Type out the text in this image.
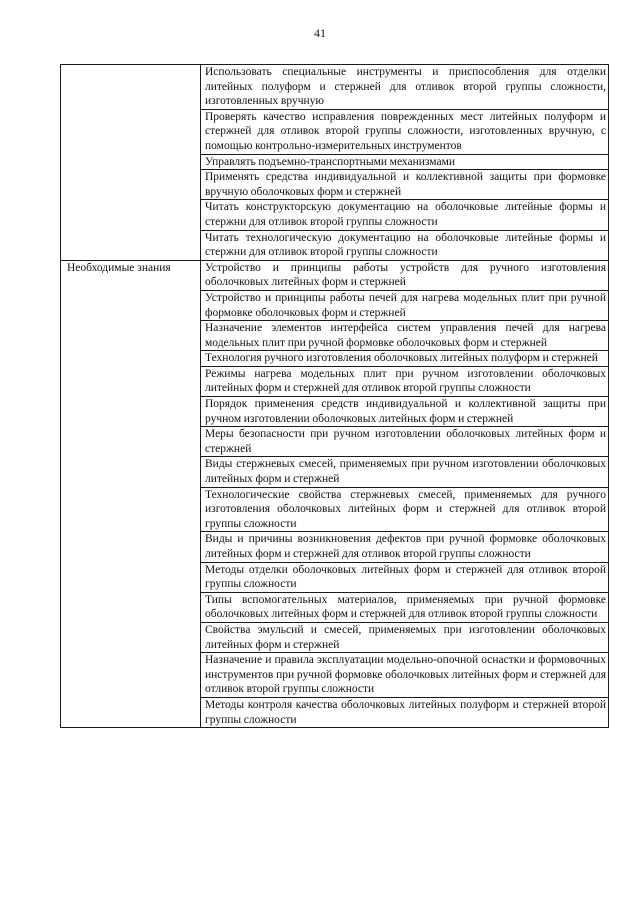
41
	Использовать специальные инструменты и приспособления для отделки литейных полуформ и стержней для отливок второй группы сложности, изготовленных вручную
	Проверять качество исправления поврежденных мест литейных полуформ и стержней для отливок второй группы сложности, изготовленных вручную, с помощью контрольно-измерительных инструментов
	Управлять подъемно-транспортными механизмами
	Применять средства индивидуальной и коллективной защиты при формовке вручную оболочковых форм и стержней
	Читать конструкторскую документацию на оболочковые литейные формы и стержни для отливок второй группы сложности
	Читать технологическую документацию на оболочковые литейные формы и стержни для отливок второй группы сложности
Необходимые знания	Устройство и принципы работы устройств для ручного изготовления оболочковых литейных форм и стержней
	Устройство и принципы работы печей для нагрева модельных плит при ручной формовке оболочковых форм и стержней
	Назначение элементов интерфейса систем управления печей для нагрева модельных плит при ручной формовке оболочковых форм и стержней
	Технология ручного изготовления оболочковых литейных полуформ и стержней
	Режимы нагрева модельных плит при ручном изготовлении оболочковых литейных форм и стержней для отливок второй группы сложности
	Порядок применения средств индивидуальной и коллективной защиты при ручном изготовлении оболочковых литейных форм и стержней
	Меры безопасности при ручном изготовлении оболочковых литейных форм и стержней
	Виды стержневых смесей, применяемых при ручном изготовлении оболочковых литейных форм и стержней
	Технологические свойства стержневых смесей, применяемых для ручного изготовления оболочковых литейных форм и стержней для отливок второй группы сложности
	Виды и причины возникновения дефектов при ручной формовке оболочковых литейных форм и стержней для отливок второй группы сложности
	Методы отделки оболочковых литейных форм и стержней для отливок второй группы сложности
	Типы вспомогательных материалов, применяемых при ручной формовке оболочковых литейных форм и стержней для отливок второй группы сложности
	Свойства эмульсий и смесей, применяемых при изготовлении оболочковых литейных форм и стержней
	Назначение и правила эксплуатации модельно-опочной оснастки и формовочных инструментов при ручной формовке оболочковых литейных форм и стержней для отливок второй группы сложности
	Методы контроля качества оболочковых литейных полуформ и стержней второй группы сложности
